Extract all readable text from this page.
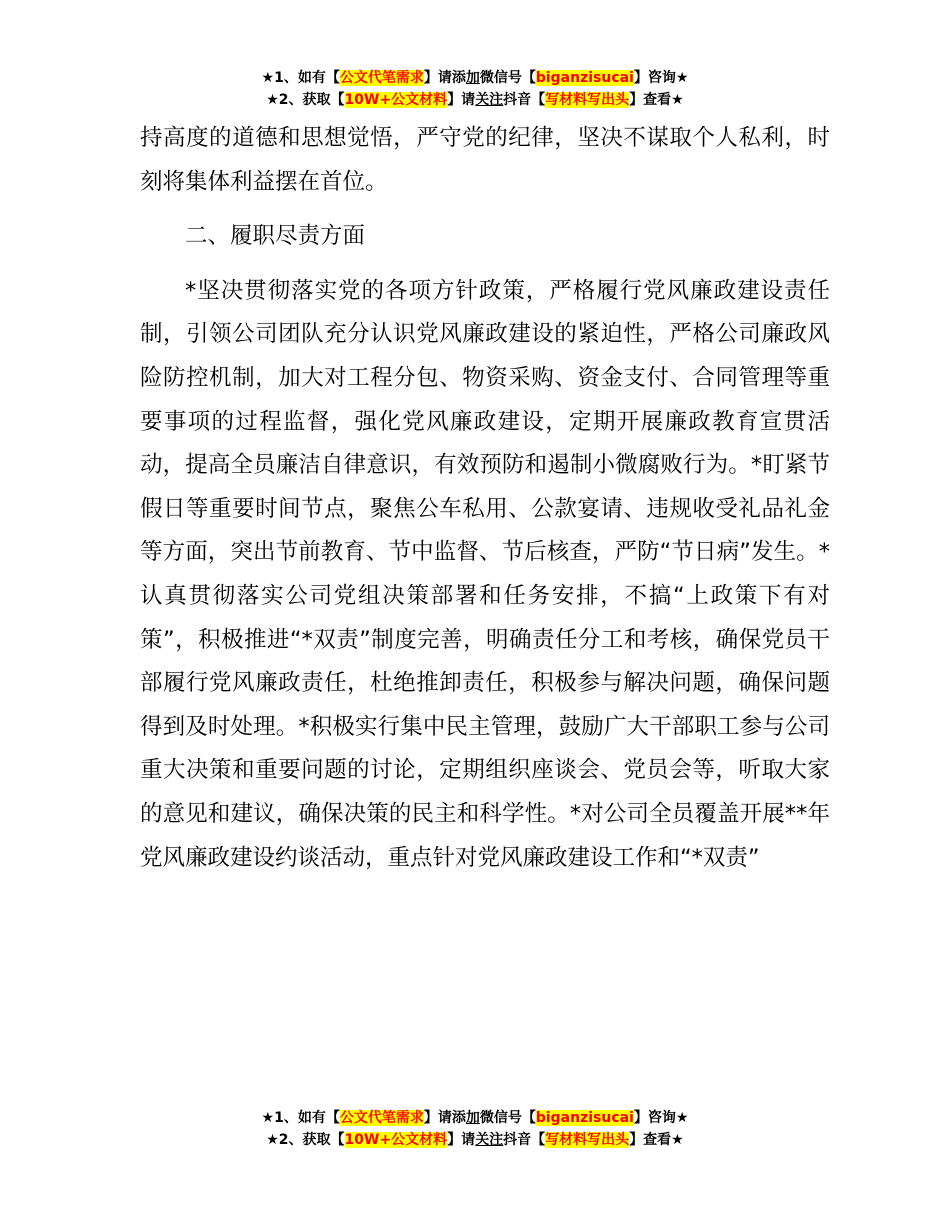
★1、如有【公文代笔需求】请添加微信号【biganzisucai】咨询★
★2、获取【10W+公文材料】请关注抖音【写材料写出头】查看★

持高度的道德和思想觉悟，严守党的纪律，坚决不谋取个人私利，时刻将集体利益摆在首位。

二、履职尽责方面

*坚决贯彻落实党的各项方针政策，严格履行党风廉政建设责任制，引领公司团队充分认识党风廉政建设的紧迫性，严格公司廉政风险防控机制，加大对工程分包、物资采购、资金支付、合同管理等重要事项的过程监督，强化党风廉政建设，定期开展廉政教育宣贯活动，提高全员廉洁自律意识，有效预防和遏制小微腐败行为。*盯紧节假日等重要时间节点，聚焦公车私用、公款宴请、违规收受礼品礼金等方面，突出节前教育、节中监督、节后核查，严防“节日病”发生。*认真贯彻落实公司党组决策部署和任务安排，不搞“上政策下有对策”，积极推进“*双责”制度完善，明确责任分工和考核，确保党员干部履行党风廉政责任，杜绝推卸责任，积极参与解决问题，确保问题得到及时处理。*积极实行集中民主管理，鼓励广大干部职工参与公司重大决策和重要问题的讨论，定期组织座谈会、党员会等，听取大家的意见和建议，确保决策的民主和科学性。*对公司全员覆盖开展**年党风廉政建设约谈活动，重点针对党风廉政建设工作和“*双责”

★1、如有【公文代笔需求】请添加微信号【biganzisucai】咨询★
★2、获取【10W+公文材料】请关注抖音【写材料写出头】查看★
